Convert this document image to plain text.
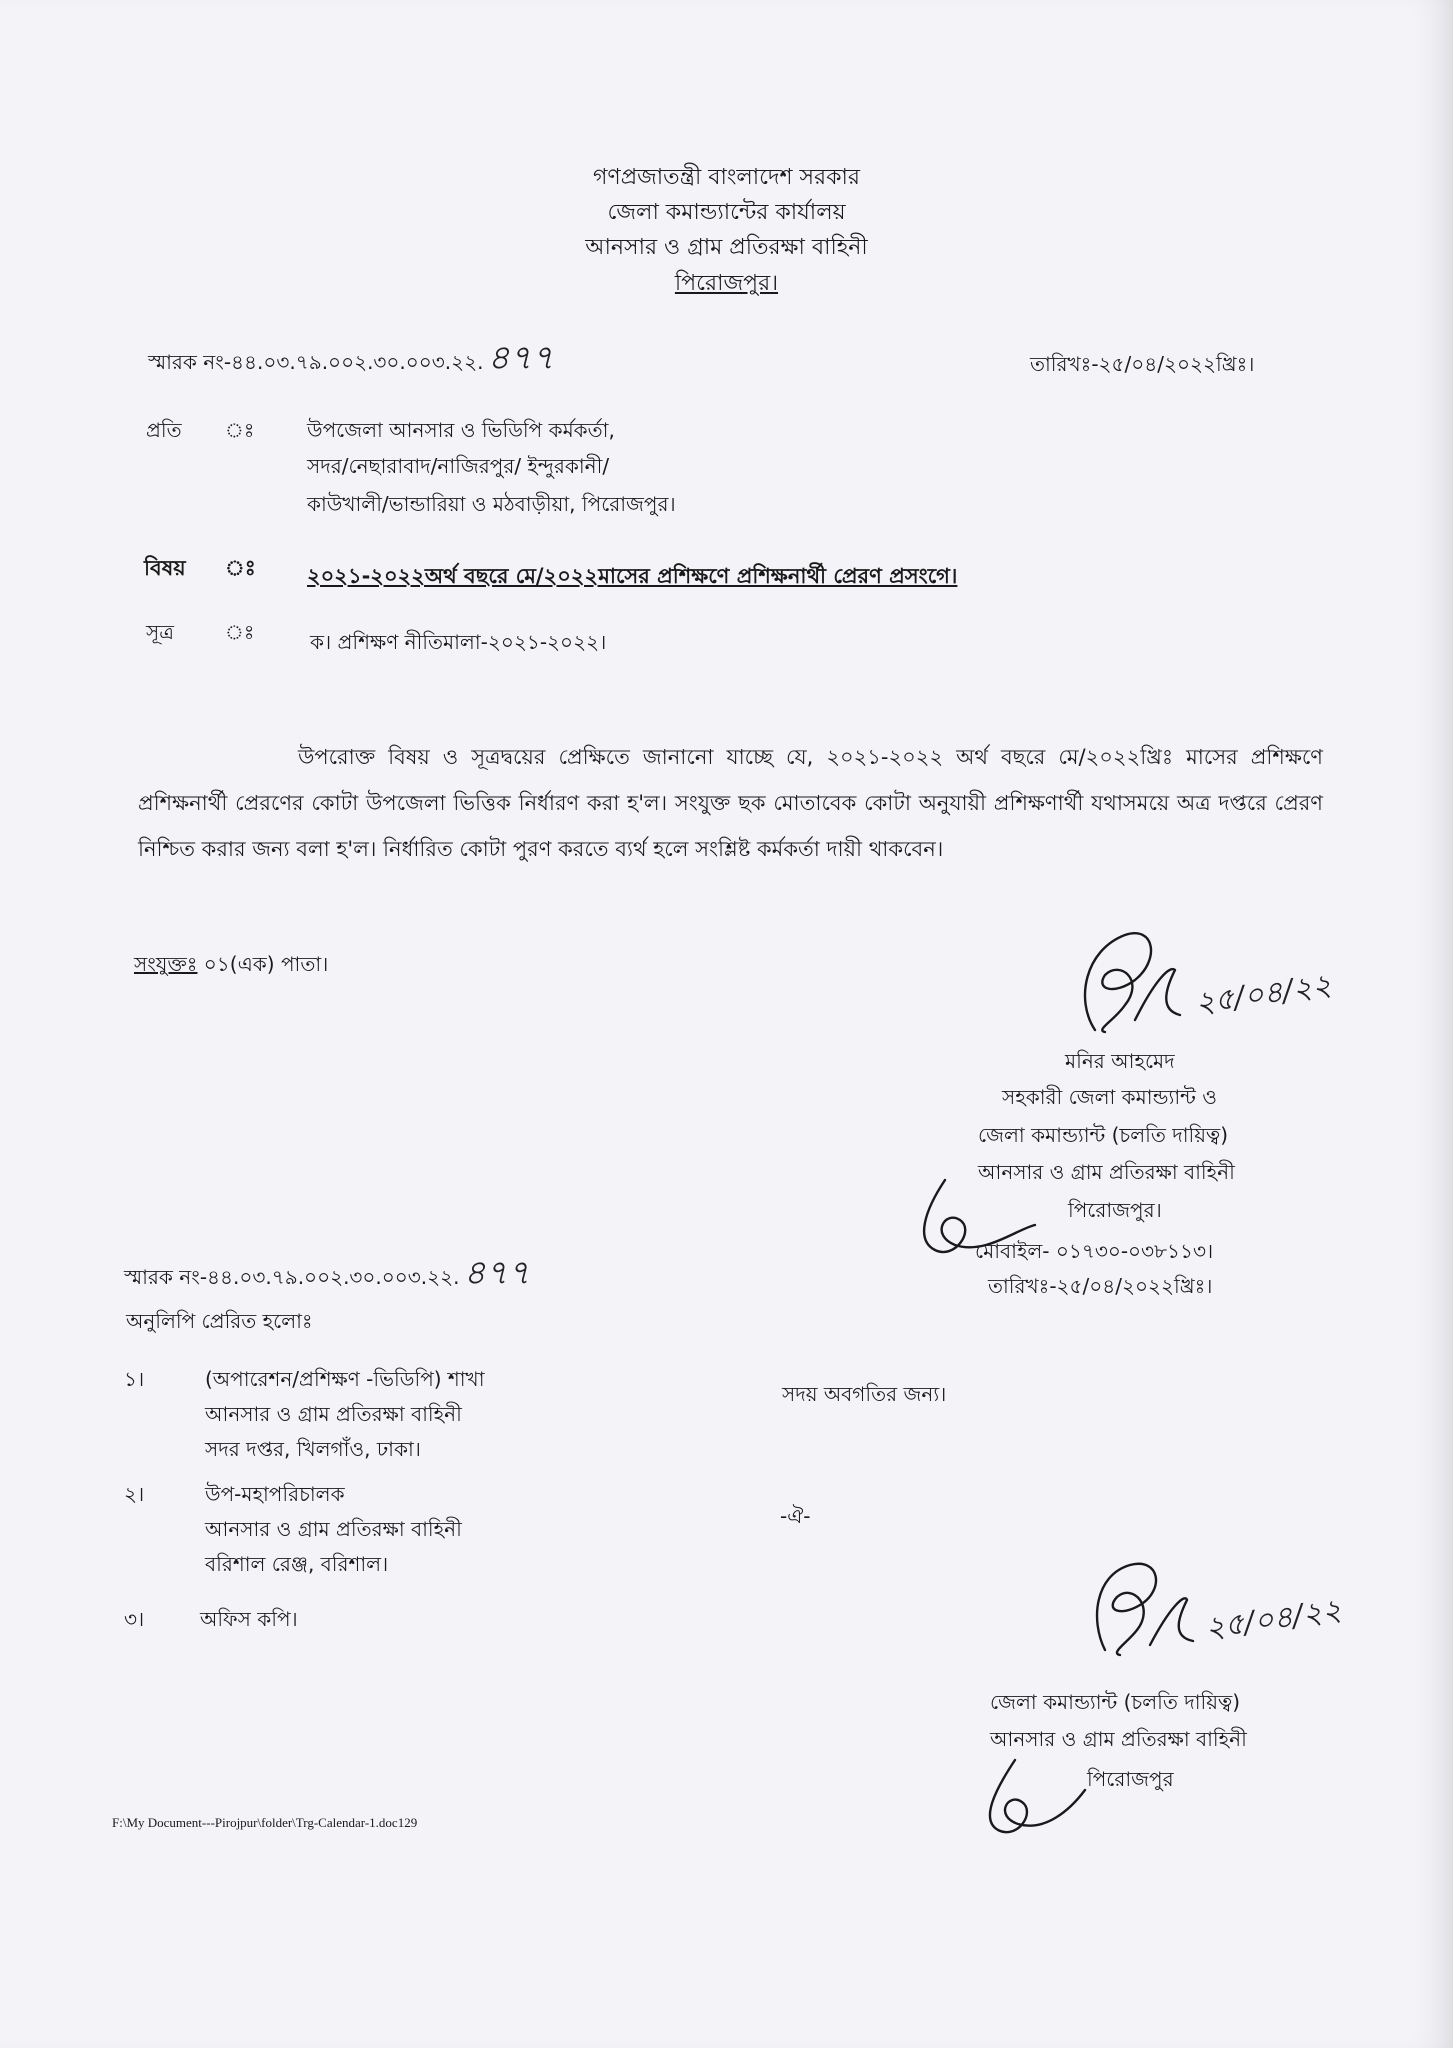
গণপ্রজাতন্ত্রী বাংলাদেশ সরকার
জেলা কমান্ড্যান্টের কার্যালয়
আনসার ও গ্রাম প্রতিরক্ষা বাহিনী
পিরোজপুর।
স্মারক নং-৪৪.০৩.৭৯.০০২.৩০.০০৩.২২. ৪৭৭	তারিখঃ-২৫/০৪/২০২২খ্রিঃ।
প্রতি ঃ	উপজেলা আনসার ও ভিডিপি কর্মকর্তা,
সদর/নেছারাবাদ/নাজিরপুর/ ইন্দুরকানী/
কাউখালী/ভান্ডারিয়া ও মঠবাড়ীয়া, পিরোজপুর।
বিষয় ঃ ২০২১-২০২২অর্থ বছরে মে/২০২২মাসের প্রশিক্ষণে প্রশিক্ষনার্থী প্রেরণ প্রসংগে।
সূত্র	ঃ	ক। প্রশিক্ষণ নীতিমালা-২০২১-২০২২।
উপরোক্ত বিষয় ও সূত্রদ্বয়ের প্রেক্ষিতে জানানো যাচ্ছে যে, ২০২১-২০২২ অর্থ বছরে মে/২০২২খ্রিঃ মাসের প্রশিক্ষণে প্রশিক্ষনার্থী প্রেরণের কোটা উপজেলা ভিত্তিক নির্ধারণ করা হ'ল। সংযুক্ত ছক মোতাবেক কোটা অনুযায়ী প্রশিক্ষণার্থী যথাসময়ে অত্র দপ্তরে প্রেরণ নিশ্চিত করার জন্য বলা হ'ল। নির্ধারিত কোটা পুরণ করতে ব্যর্থ হলে সংশ্লিষ্ট কর্মকর্তা দায়ী থাকবেন।
সংযুক্তঃ ০১(এক) পাতা।
২৫/০৪/২২
মনির আহমেদ
সহকারী জেলা কমান্ড্যান্ট ও
জেলা কমান্ড্যান্ট (চলতি দায়িত্ব)
আনসার ও গ্রাম প্রতিরক্ষা বাহিনী
পিরোজপুর।
মোবাইল- ০১৭৩০-০৩৮১১৩।
তারিখঃ-২৫/০৪/২০২২খ্রিঃ।
স্মারক নং-৪৪.০৩.৭৯.০০২.৩০.০০৩.২২. ৪৭৭
অনুলিপি প্রেরিত হলোঃ
১।	(অপারেশন/প্রশিক্ষণ -ভিডিপি) শাখা
আনসার ও গ্রাম প্রতিরক্ষা বাহিনী
সদর দপ্তর, খিলগাঁও, ঢাকা।
সদয় অবগতির জন্য।
২।	উপ-মহাপরিচালক
আনসার ও গ্রাম প্রতিরক্ষা বাহিনী
বরিশাল রেঞ্জ, বরিশাল।
-ঐ-
৩।	অফিস কপি।	২৫/০৪/২২
জেলা কমান্ড্যান্ট (চলতি দায়িত্ব)
আনসার ও গ্রাম প্রতিরক্ষা বাহিনী
পিরোজপুর
F:\My Document---Pirojpur\folder\Trg-Calendar-1.doc129
